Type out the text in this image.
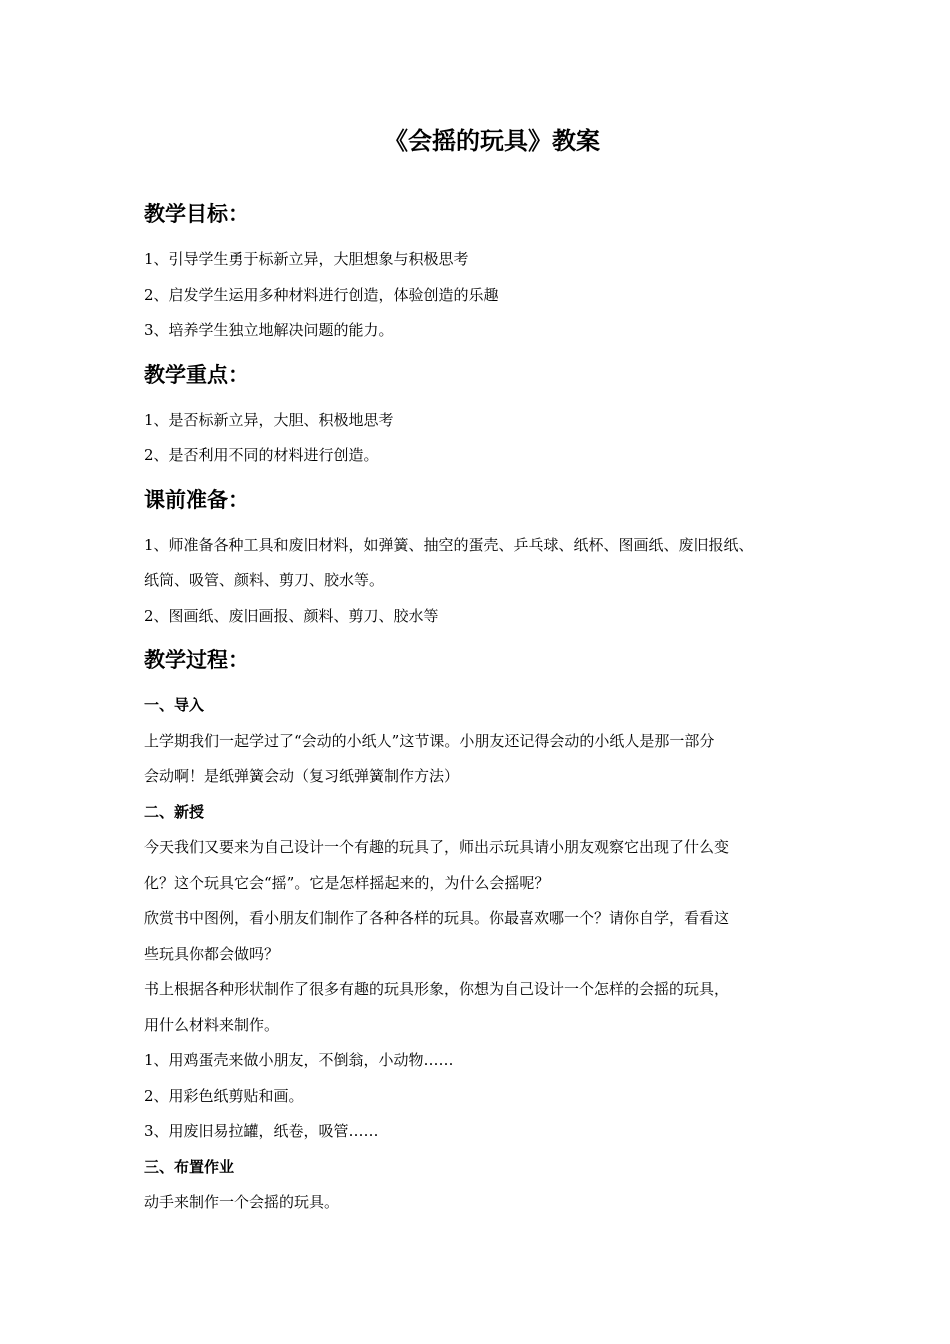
《会摇的玩具》教案
教学目标：
1、引导学生勇于标新立异，大胆想象与积极思考
2、启发学生运用多种材料进行创造，体验创造的乐趣
3、培养学生独立地解决问题的能力。
教学重点：
1、是否标新立异，大胆、积极地思考
2、是否利用不同的材料进行创造。
课前准备：
1、师准备各种工具和废旧材料，如弹簧、抽空的蛋壳、乒乓球、纸杯、图画纸、废旧报纸、
纸筒、吸管、颜料、剪刀、胶水等。
2、图画纸、废旧画报、颜料、剪刀、胶水等
教学过程：
一、导入
上学期我们一起学过了“会动的小纸人”这节课。小朋友还记得会动的小纸人是那一部分
会动啊！是纸弹簧会动（复习纸弹簧制作方法）
二、新授
今天我们又要来为自己设计一个有趣的玩具了，师出示玩具请小朋友观察它出现了什么变
化？这个玩具它会“摇”。它是怎样摇起来的，为什么会摇呢？
欣赏书中图例，看小朋友们制作了各种各样的玩具。你最喜欢哪一个？请你自学，看看这
些玩具你都会做吗？
书上根据各种形状制作了很多有趣的玩具形象，你想为自己设计一个怎样的会摇的玩具，
用什么材料来制作。
1、用鸡蛋壳来做小朋友，不倒翁，小动物……
2、用彩色纸剪贴和画。
3、用废旧易拉罐，纸卷，吸管……
三、布置作业
动手来制作一个会摇的玩具。
